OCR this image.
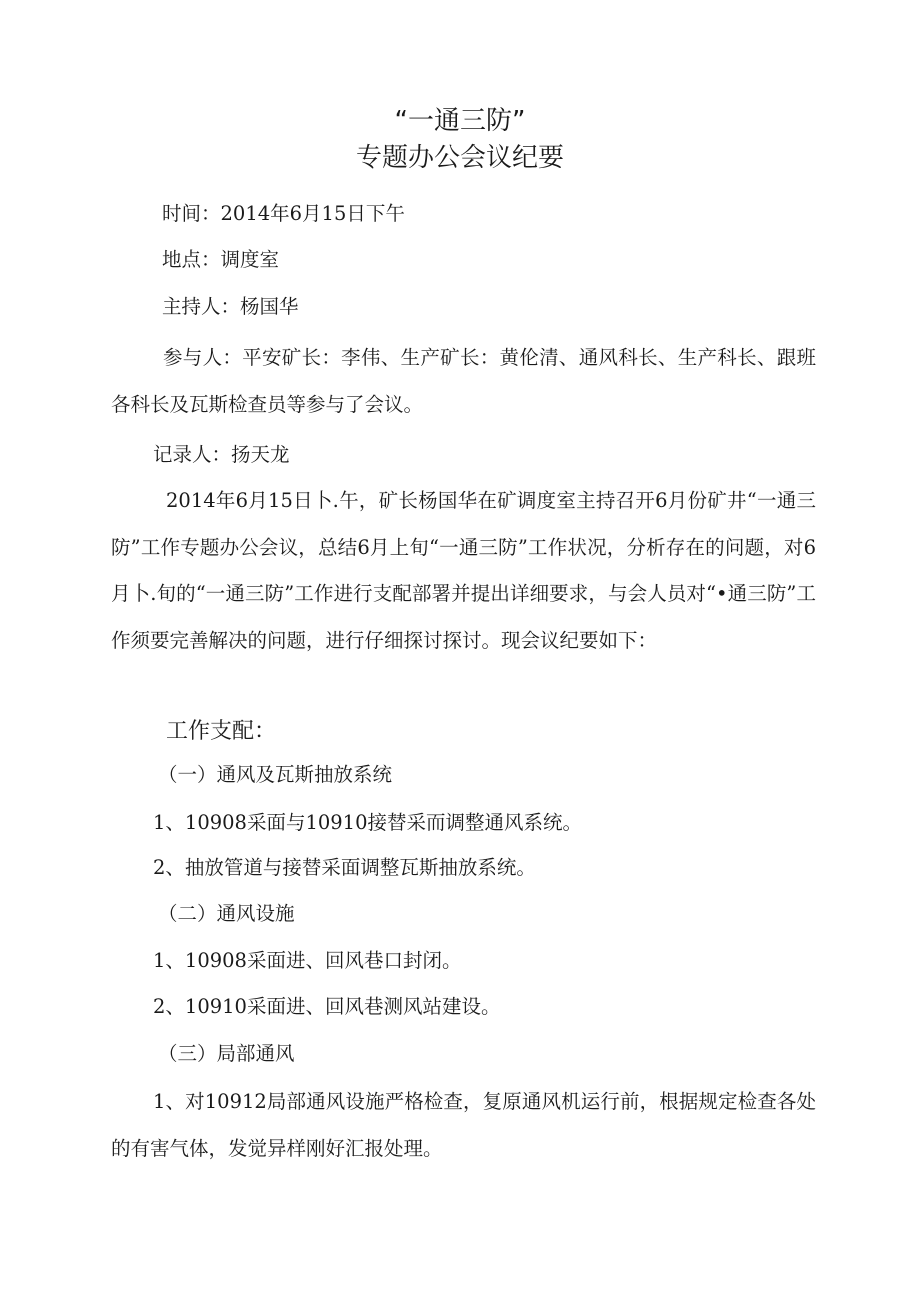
“一通三防”
专题办公会议纪要
时间：2014年6月15日下午
地点：调度室
主持人：杨国华
参与人：平安矿长：李伟、生产矿长：黄伦清、通风科长、生产科长、跟班各科长及瓦斯检查员等参与了会议。
记录人：扬天龙
2014年6月15日卜.午，矿长杨国华在矿调度室主持召开6月份矿井“一通三防”工作专题办公会议，总结6月上旬“一通三防”工作状况，分析存在的问题，对6月卜.旬的“一通三防”工作进行支配部署并提出详细要求，与会人员对“•通三防”工作须要完善解决的问题，进行仔细探讨探讨。现会议纪要如下：
工作支配：
（一）通风及瓦斯抽放系统
1、10908采面与10910接替采而调整通风系统。
2、抽放管道与接替采面调整瓦斯抽放系统。
（二）通风设施
1、10908采面进、回风巷口封闭。
2、10910采面进、回风巷测风站建设。
（三）局部通风
1、对10912局部通风设施严格检查，复原通风机运行前，根据规定检查各处的有害气体，发觉异样刚好汇报处理。
